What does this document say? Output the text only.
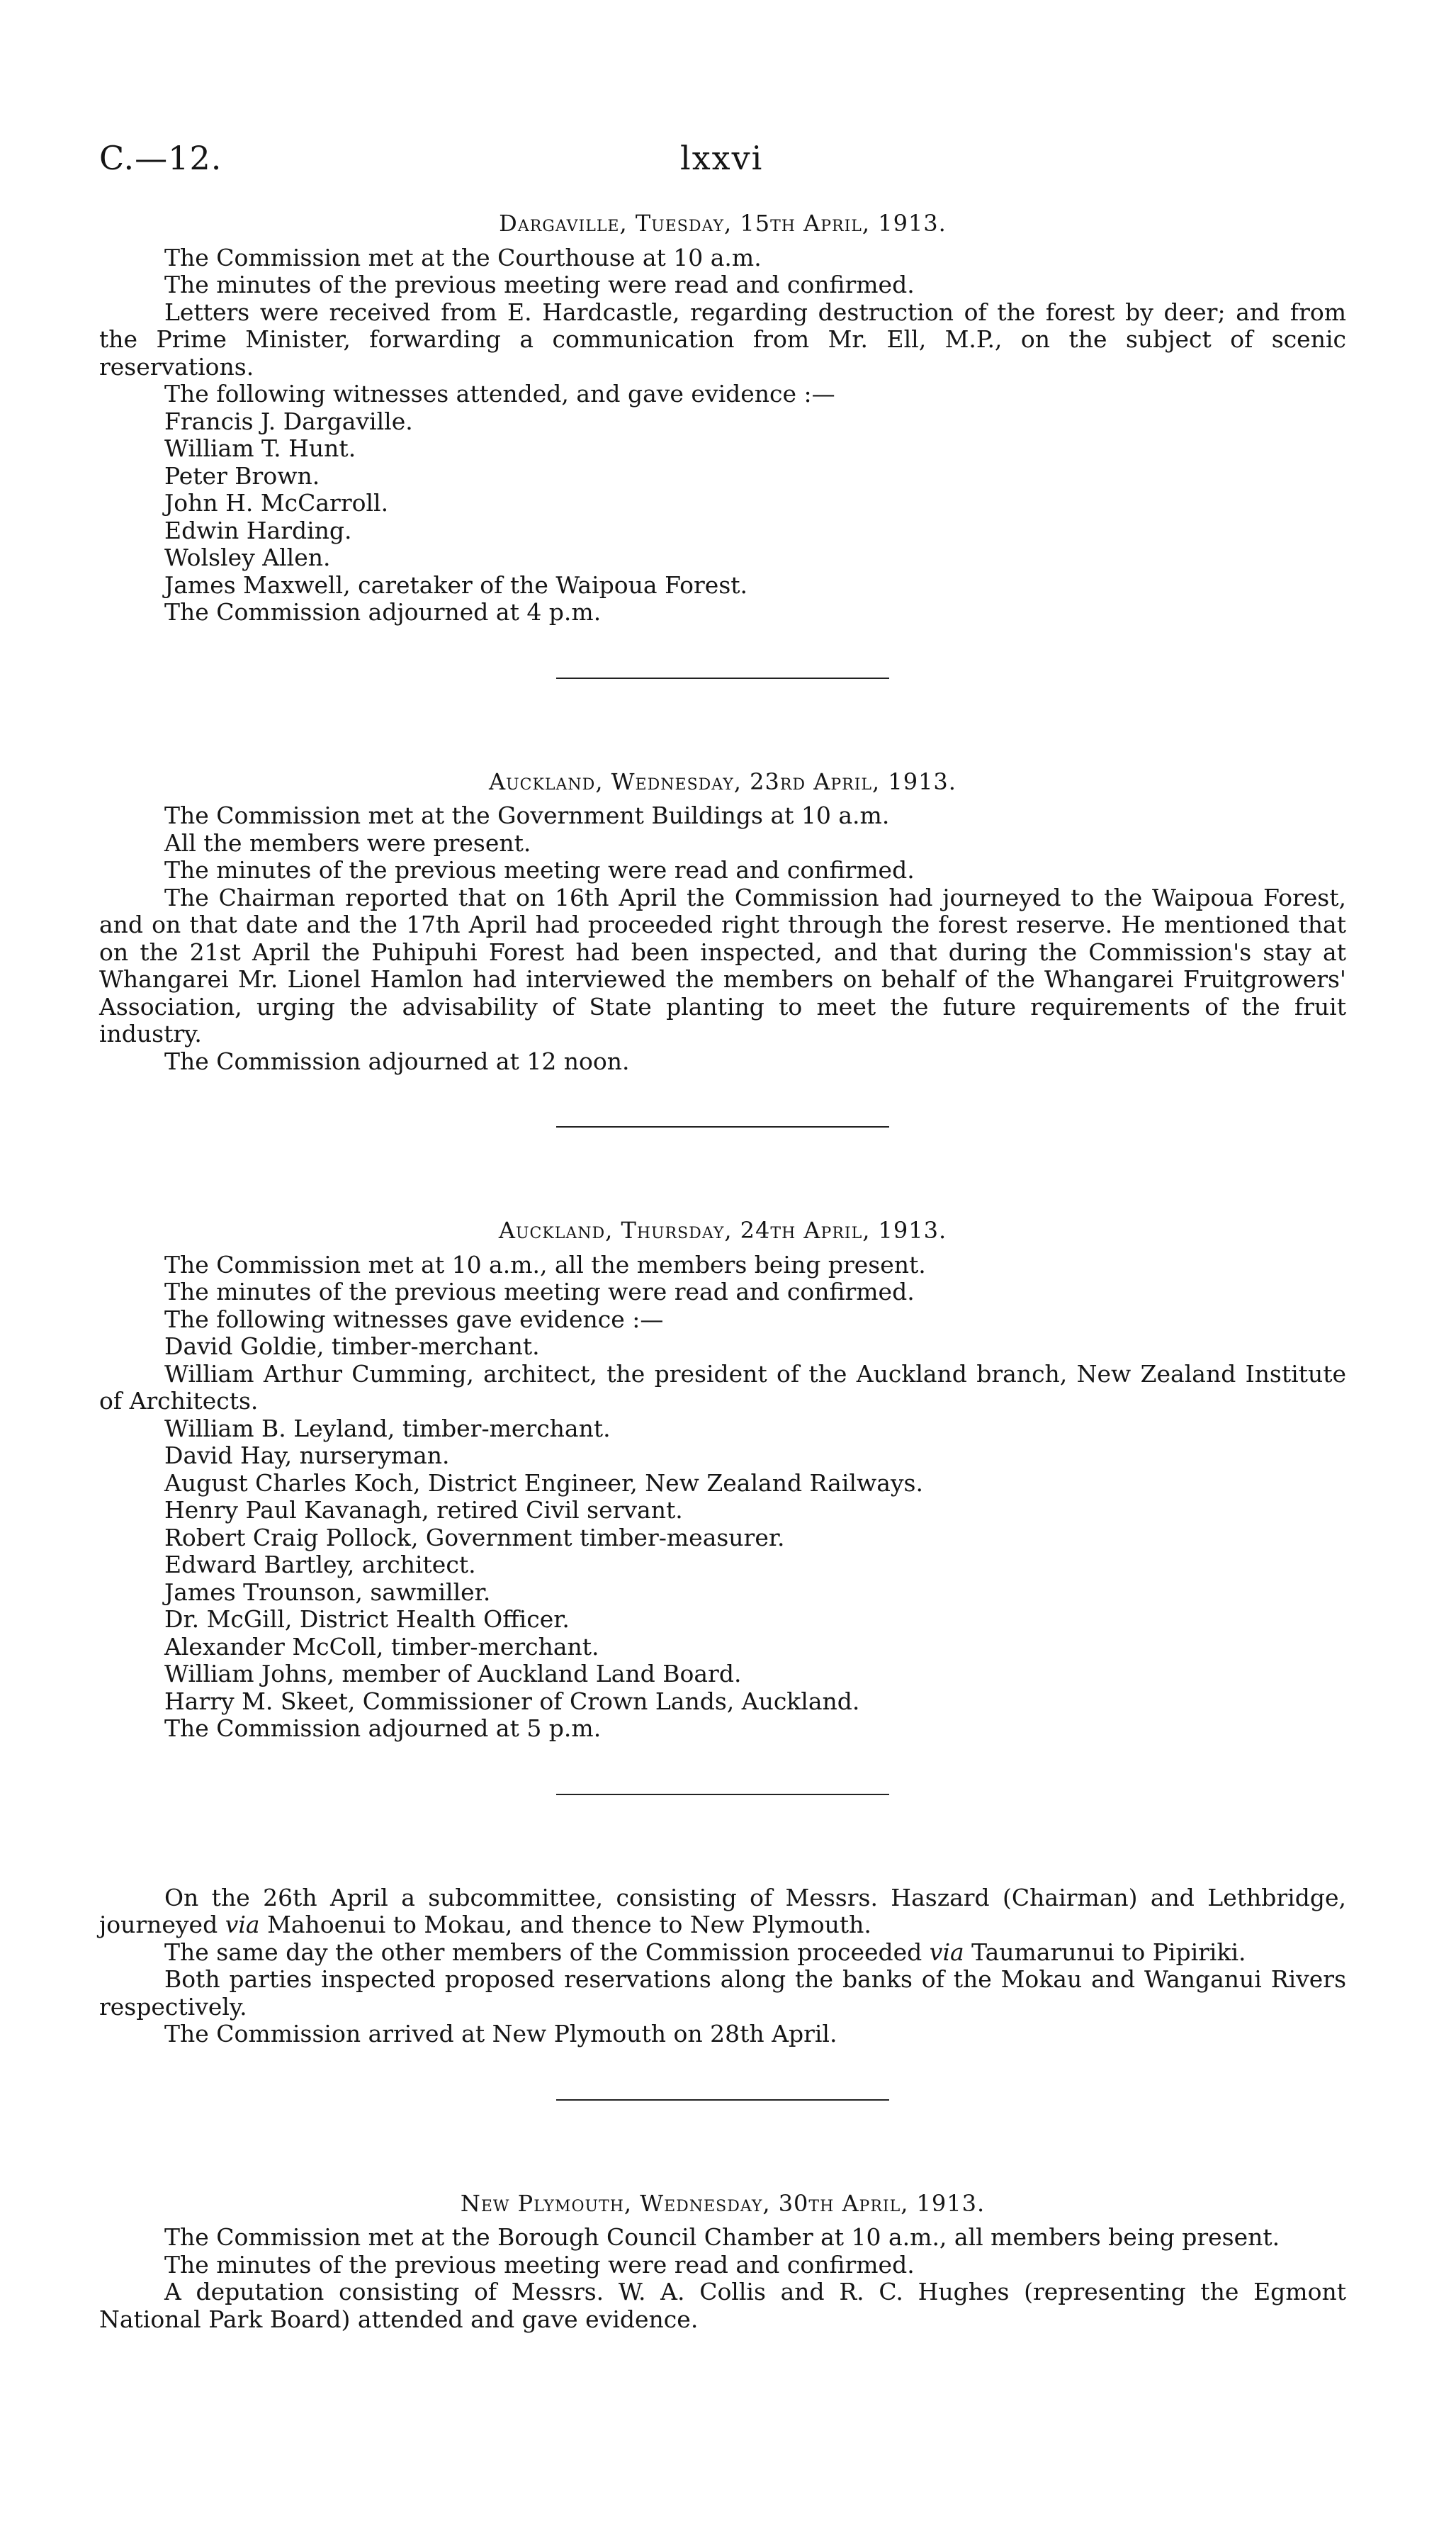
C.—12.	lxxvi
Dargaville, Tuesday, 15th April, 1913.

The Commission met at the Courthouse at 10 a.m.

The minutes of the previous meeting were read and confirmed.

Letters were received from E. Hardcastle, regarding destruction of the forest by deer; and from the Prime Minister, forwarding a communication from Mr. Ell, M.P., on the subject of scenic reservations.

The following witnesses attended, and gave evidence :—

Francis J. Dargaville.

William T. Hunt.

Peter Brown.

John H. McCarroll.

Edwin Harding.

Wolsley Allen.

James Maxwell, caretaker of the Waipoua Forest.

The Commission adjourned at 4 p.m.

Auckland, Wednesday, 23rd April, 1913.

The Commission met at the Government Buildings at 10 a.m.

All the members were present.

The minutes of the previous meeting were read and confirmed.

The Chairman reported that on 16th April the Commission had journeyed to the Waipoua Forest, and on that date and the 17th April had proceeded right through the forest reserve. He mentioned that on the 21st April the Puhipuhi Forest had been inspected, and that during the Commission's stay at Whangarei Mr. Lionel Hamlon had interviewed the members on behalf of the Whangarei Fruitgrowers' Association, urging the advisability of State planting to meet the future requirements of the fruit industry.

The Commission adjourned at 12 noon.

Auckland, Thursday, 24th April, 1913.

The Commission met at 10 a.m., all the members being present.

The minutes of the previous meeting were read and confirmed.

The following witnesses gave evidence :—

David Goldie, timber-merchant.

William Arthur Cumming, architect, the president of the Auckland branch, New Zealand Institute of Architects.

William B. Leyland, timber-merchant.

David Hay, nurseryman.

August Charles Koch, District Engineer, New Zealand Railways.

Henry Paul Kavanagh, retired Civil servant.

Robert Craig Pollock, Government timber-measurer.

Edward Bartley, architect.

James Trounson, sawmiller.

Dr. McGill, District Health Officer.

Alexander McColl, timber-merchant.

William Johns, member of Auckland Land Board.

Harry M. Skeet, Commissioner of Crown Lands, Auckland.

The Commission adjourned at 5 p.m.

On the 26th April a subcommittee, consisting of Messrs. Haszard (Chairman) and Lethbridge, journeyed via Mahoenui to Mokau, and thence to New Plymouth.

The same day the other members of the Commission proceeded via Taumarunui to Pipiriki.

Both parties inspected proposed reservations along the banks of the Mokau and Wanganui Rivers respectively.

The Commission arrived at New Plymouth on 28th April.

New Plymouth, Wednesday, 30th April, 1913.

The Commission met at the Borough Council Chamber at 10 a.m., all members being present.

The minutes of the previous meeting were read and confirmed.

A deputation consisting of Messrs. W. A. Collis and R. C. Hughes (representing the Egmont National Park Board) attended and gave evidence.
